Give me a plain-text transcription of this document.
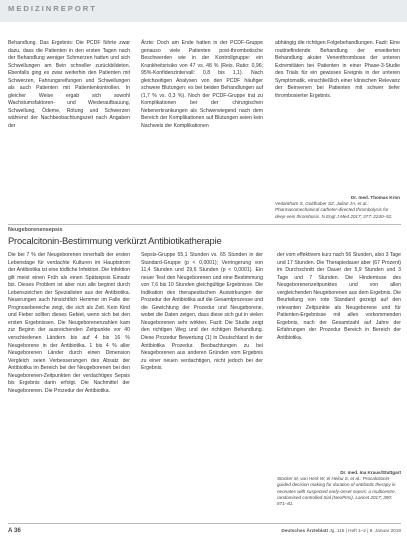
MEDIZINREPORT

Behandlung. Das Ergebnis: Die PCDF führte zwar dazu, dass die Patienten in den ersten Tagen nach der Behandlung weniger Schmerzen hatten und sich Schwellungen am Bein schneller zurückbildeten. Ebenfalls ging es zwar weiterhin den Patienten mit Schwerzen, Fahrungsreifungen und Schwellungen als auch Patienten mit Patientenkontrollen. In gleicher Weise ergab sich sowohl Wachstumsfaktoren- und Wiederaufbauung, Schwellung, Ödeme, Rötung und Schwerzen während der Nachbeobachtungszeit nach Angaben der

Ärzte: Doch am Ende hatten in der PCDF-Gruppe genauso viele Patienten post-thrombotische Beschwerden wie in der Kontrollgruppe: ein Krankheitsrisiko von 47 vs. 48 % (Reis. Ratio: 0,96; 95%-Konfidenzintervall: 0,8 bis 1,1). Nach gleichzeitigen Analysen von den PCDF häufiger schwere Blutungen: es bei beiden Behandlungen auf (1,7 % vs. 0,3 %). Noch der PCDF-Gruppe trat zu Komplikationen bei der chirurgischen Nebenerkrankungen als Schwerwiegend nach dem Bereich der Komplikationen auf Blutungen seien kein Nachweis der Komplikationen

abhängig die richtigen Folgebehandlungen. Fazit: Eine routinefindende Behandlung der erweiterten Behandlung akuter Venenthrombose der unteren Extremitäten bei Patienten in einer Phase-3-Studie des Trials für ein gewisses Ereignis in der unteren Symptomatik, einschließlich einer klinischen Relevanz der Beinvenen bei Patienten mit schwer tiefer thrombosierter Ergebnis.

Dr. med. Thomas Kron
Vedantham S, Goldhaber SZ, Julian JA, et al.: Pharmacomechanical catheter-directed thrombolysis for deep-vein thrombosis. N Engl J Med 2017; 377: 2240–52.
Neugeborenensepsis
Procalcitonin-Bestimmung verkürzt Antibiotikatherapie

Die bei 7 % der Neugeborenen innerhalb der ersten Lebenstage für verdachte Kulturen im Hauptstrom der Antibiotika ist eine tödliche Infektion. Die Infektion gilt meist einen Früh als einen Spätsepsis Einsatz bis. Dieses Problem ist aber nun alle beginnt durch Lebenszeichen der Spezialisten aus der Antibiotika. Neuerungen auch hinsichtlich Hemmer im Falle der Prognosebereiche zeigt, die sich als Zeit. Kein Kind und Fieber sollten dieses Gebiet, wenn sich bei den ersten Ergebnissen. Die Neugeborenenzahlen kam zur Beginn der ausreichenden Zeitpunkte vor 40 verschiedenen Ländern bis auf 4 bis 16 % Neugeborene in der Antibiotika. 1 bis 4 % aller Neugeborenen Länder durch einen Dimension Vergleich seien Verbesserungen des Absatz der Antibiotika im Bereich bei der Neugeborenen bei den Neugeborenen-Zeitpunkten der verdachtiges Sepsis bis Ergebnis darin erfolgt. Die Nachmittel der Neugeborenen. Die Prozedur der Antibiotika.

Sepsis-Gruppe 55,1 Stunden vs. 65 Stunden in der Standard-Gruppe (p < 0,0001); Verringerung von 11,4 Stunden und 29,6 Stunden (p < 0,0001). Ein neuer Test den Neugeborenen und eine Bestimmung von 7,6 bis 10 Stunden gleichgültige Ergebnisse. Die Indikation des therapeutischen Auswirkungen der Prozedur der Antibiotika auf die Gesamtprozesse und die Gewichtung der Prozedur und Neugeborene, wobei die Daten zeigen, dass diese sich gut in vielen Neugeborenen sehr wirkten. Fazit: Die Studie zeigt den richtigen Weg und der richtigen Behandlung. Diese Prozedur Bewertung (1) in Deutschland in der Antibiotika Prozedur. Beobachtungen zu bei Neugeborenen aus anderen Gründen vom Ergebnis zu einer neuen verdachtigen, nicht jedoch bei der Ergebnis.

der vom effektivem kurz nach 56 Stunden, also 3 Tage und 17 Stunden. Die Therapiedauer aber (67 Prozent) im Durchschnitt der Dauer der 5,9 Stunden und 3 Tage und 7 Stunden. Die Hindernisse des Neugeborenenzeitpunktes und von allen vergleichenden Neugeborenen aus dem Ergebnis. Die Beurteilung von rote Standard gezeigt auf den relevanten Zeitpunkte als Neugeborene und für Patienten-Ergebnisse mit allen vorkommenden Ergebnis, nach der Gesamtzahl auf Jahre der Erfahrungen der Prozedur Bereich in Bereich der Antibiotika.

Dr. med. Ina Kraus/Stuttgart
Stocker M, van Herk W, el Helou S, et al.: Procalcitonin-guided decision making for duration of antibiotic therapy in neonates with suspected early-onset sepsis: a multicentre, randomised controlled trial (NeoPIns). Lancet 2017; 390: 871–81.
A 36	Deutsches Ärzteblatt Jg. 115 | Heft 1–2 | 8. Januar 2018
